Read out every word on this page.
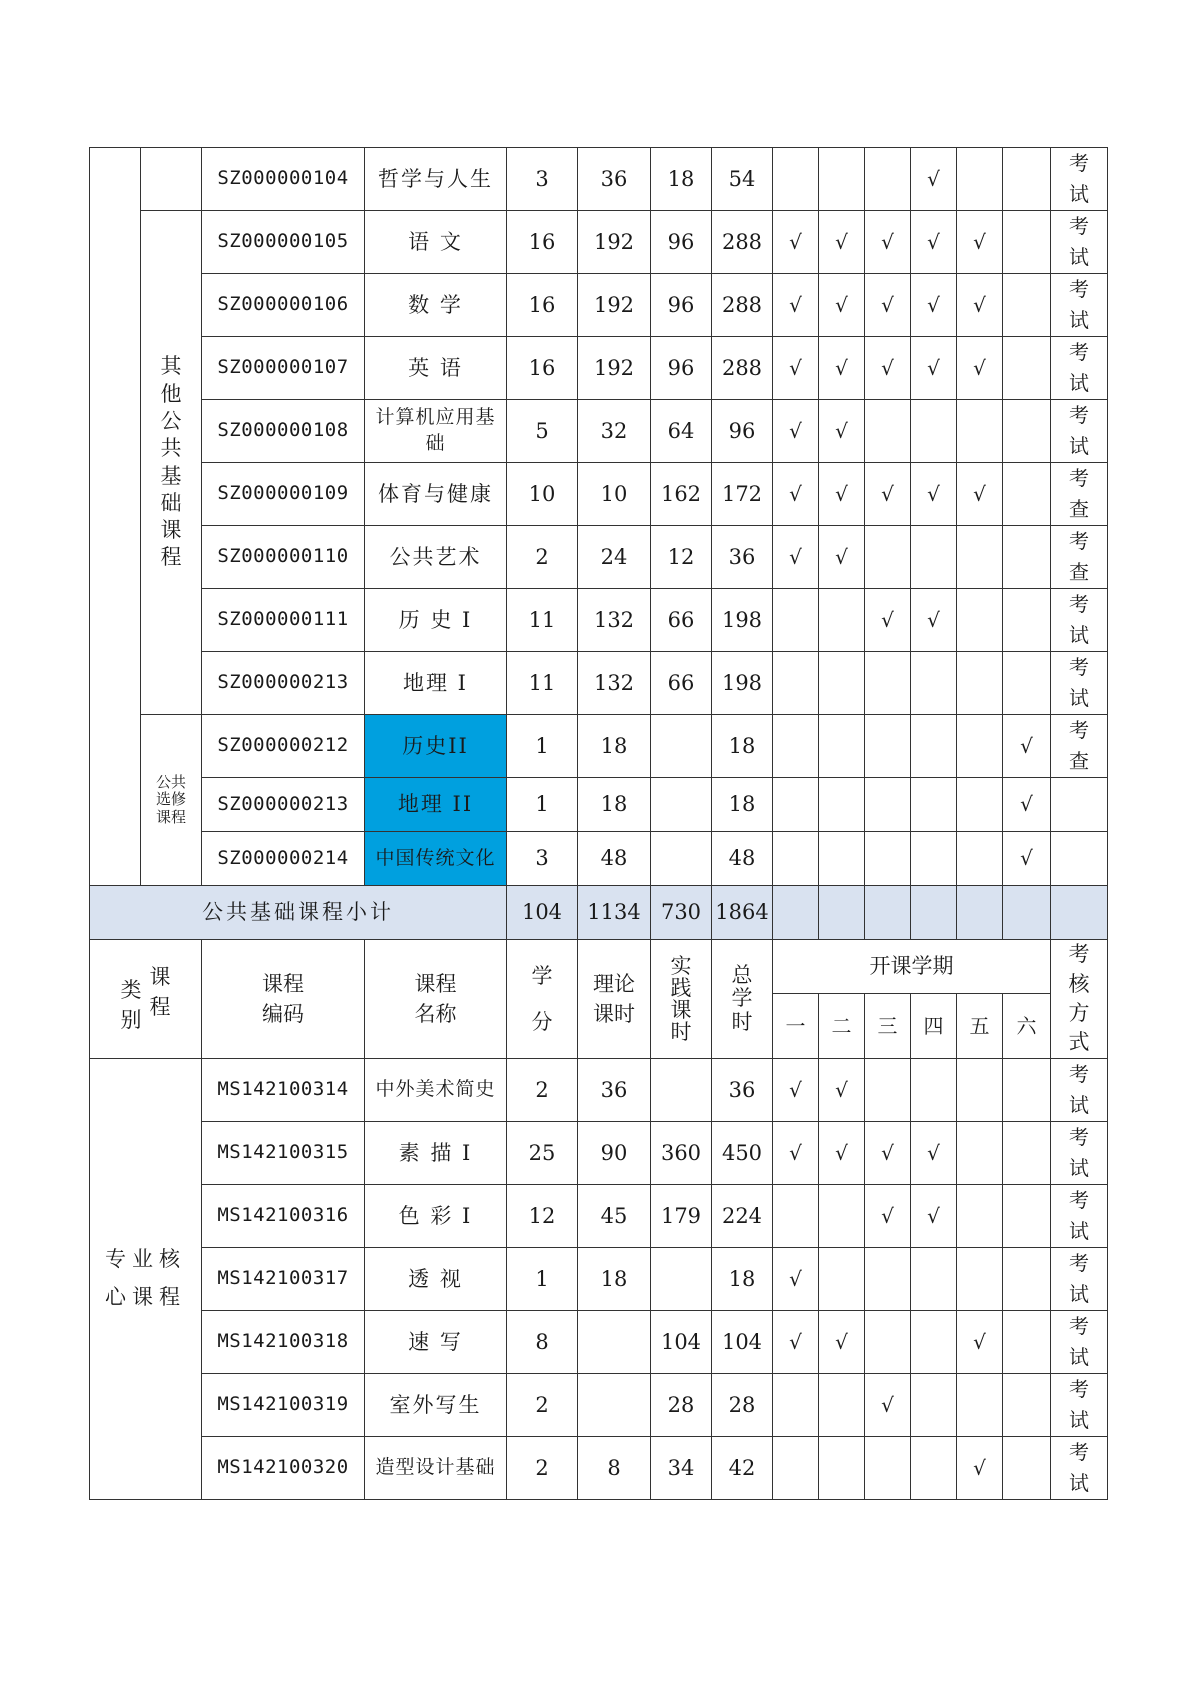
		SZ000000104	哲学与人生	3	36	18	54				√			考试
	其他公共基础课程	SZ000000105	语 文	16	192	96	288	√	√	√	√	√		考试
		SZ000000106	数 学	16	192	96	288	√	√	√	√	√		考试
		SZ000000107	英 语	16	192	96	288	√	√	√	√	√		考试
		SZ000000108	计算机应用基础	5	32	64	96	√	√					考试
		SZ000000109	体育与健康	10	10	162	172	√	√	√	√	√		考查
		SZ000000110	公共艺术	2	24	12	36	√	√					考查
		SZ000000111	历 史 I	11	132	66	198			√	√			考试
		SZ000000213	地理 I	11	132	66	198							考试
	公共选修课程	SZ000000212	历史II	1	18		18						√	考查
		SZ000000213	地理 II	1	18		18						√	
		SZ000000214	中国传统文化	3	48		48						√	
公共基础课程小计				104	1134	730	1864							

类别
课程		课程编码	课程名称	学分	理论课时	实践课时	总学时	开课学期						考核方式
								一	二	三	四	五	六	
专业核心课程		MS142100314	中外美术简史	2	36		36	√	√					考试
		MS142100315	素 描 I	25	90	360	450	√	√	√	√			考试
		MS142100316	色 彩 I	12	45	179	224			√	√			考试
		MS142100317	透 视	1	18		18	√						考试
		MS142100318	速 写	8		104	104	√	√			√		考试
		MS142100319	室外写生	2		28	28			√				考试
		MS142100320	造型设计基础	2	8	34	42					√		考试
